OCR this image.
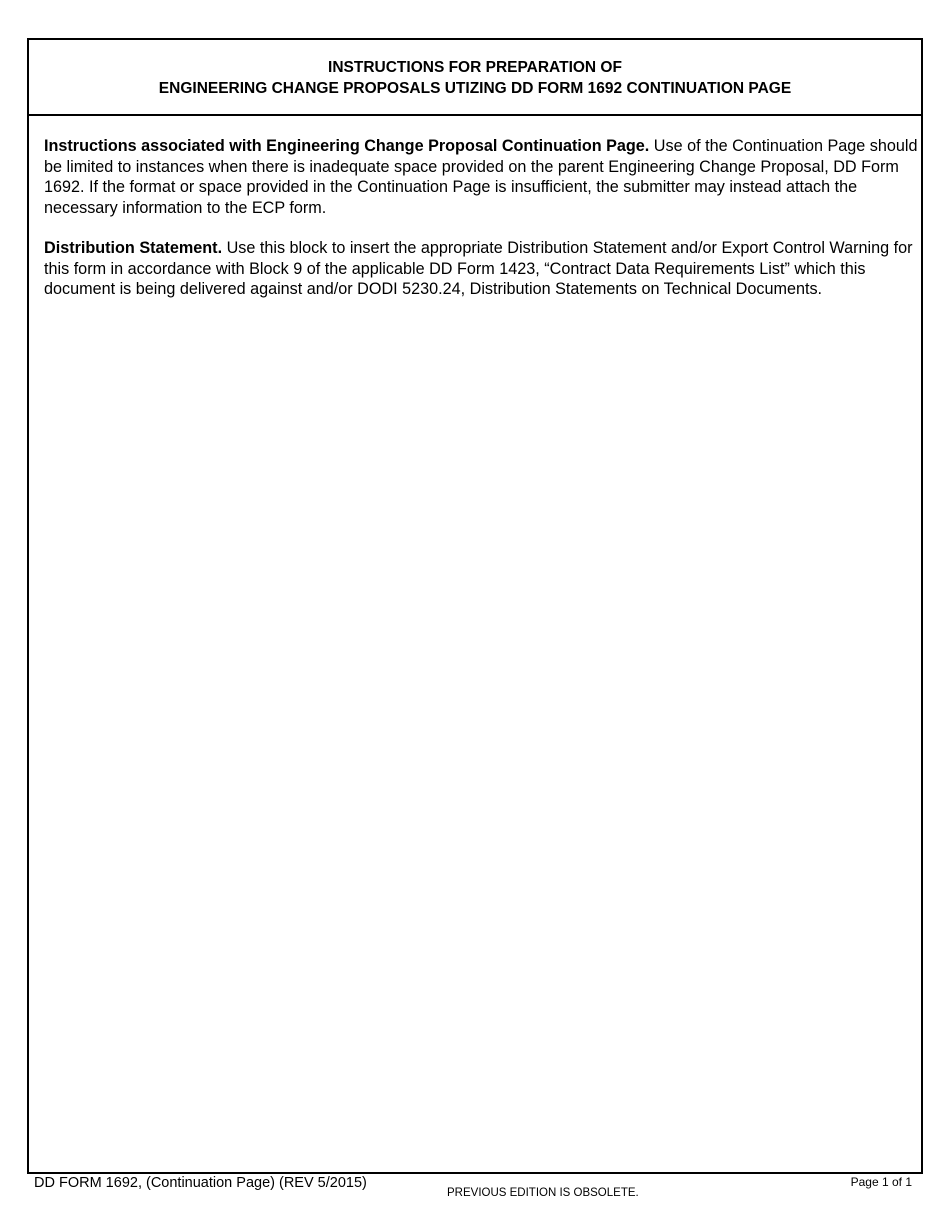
INSTRUCTIONS FOR PREPARATION OF
ENGINEERING CHANGE PROPOSALS UTIZING DD FORM 1692 CONTINUATION PAGE

Instructions associated with Engineering Change Proposal Continuation Page. Use of the Continuation Page should be limited to instances when there is inadequate space provided on the parent Engineering Change Proposal, DD Form 1692. If the format or space provided in the Continuation Page is insufficient, the submitter may instead attach the necessary information to the ECP form.

Distribution Statement. Use this block to insert the appropriate Distribution Statement and/or Export Control Warning for this form in accordance with Block 9 of the applicable DD Form 1423, “Contract Data Requirements List” which this document is being delivered against and/or DODI 5230.24, Distribution Statements on Technical Documents.

DD FORM 1692, (Continuation Page) (REV 5/2015)
PREVIOUS EDITION IS OBSOLETE.
Page 1 of 1
